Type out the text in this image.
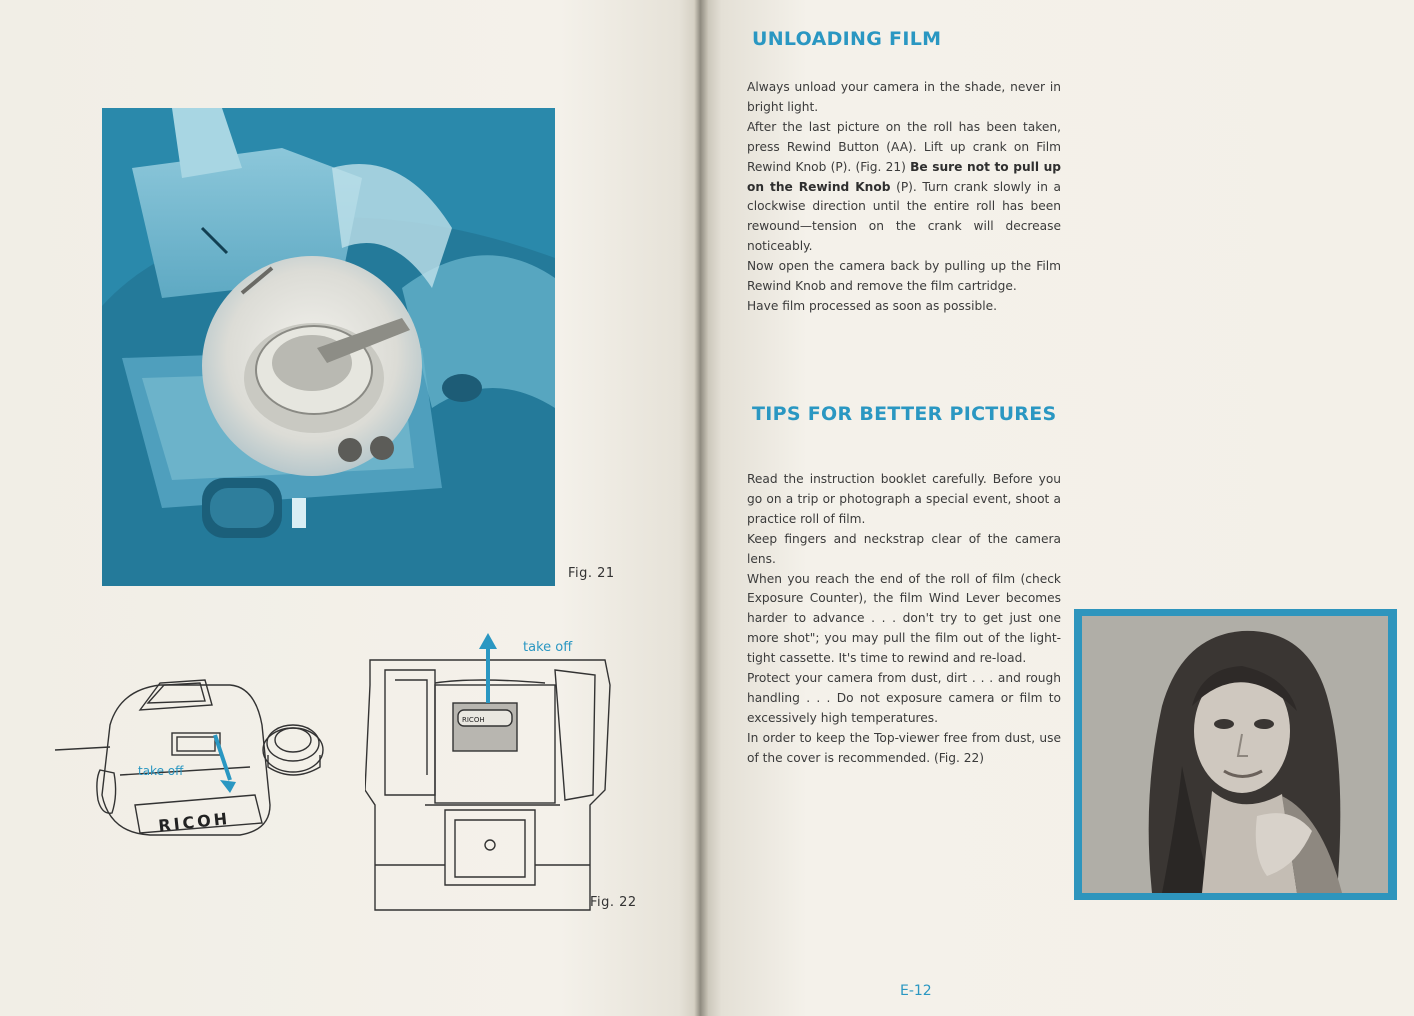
Fig. 21
take off
RICOH
RICOH
take off
Fig. 22
UNLOADING FILM

Always unload your camera in the shade, never in bright light.

After the last picture on the roll has been taken, press Rewind Button (AA). Lift up crank on Film Rewind Knob (P). (Fig. 21) Be sure not to pull up on the Rewind Knob (P). Turn crank slowly in a clockwise direction until the entire roll has been rewound—tension on the crank will decrease noticeably.

Now open the camera back by pulling up the Film Rewind Knob and remove the film cartridge.

Have film processed as soon as possible.

TIPS FOR BETTER PICTURES

Read the instruction booklet carefully. Before you go on a trip or photograph a special event, shoot a practice roll of film.

Keep fingers and neckstrap clear of the camera lens.

When you reach the end of the roll of film (check Exposure Counter), the film Wind Lever becomes harder to advance . . . don't try to get just one more shot"; you may pull the film out of the light-tight cassette. It's time to rewind and re-load.

Protect your camera from dust, dirt . . . and rough handling . . . Do not exposure camera or film to excessively high temperatures.

In order to keep the Top-viewer free from dust, use of the cover is recommended. (Fig. 22)

E-12
